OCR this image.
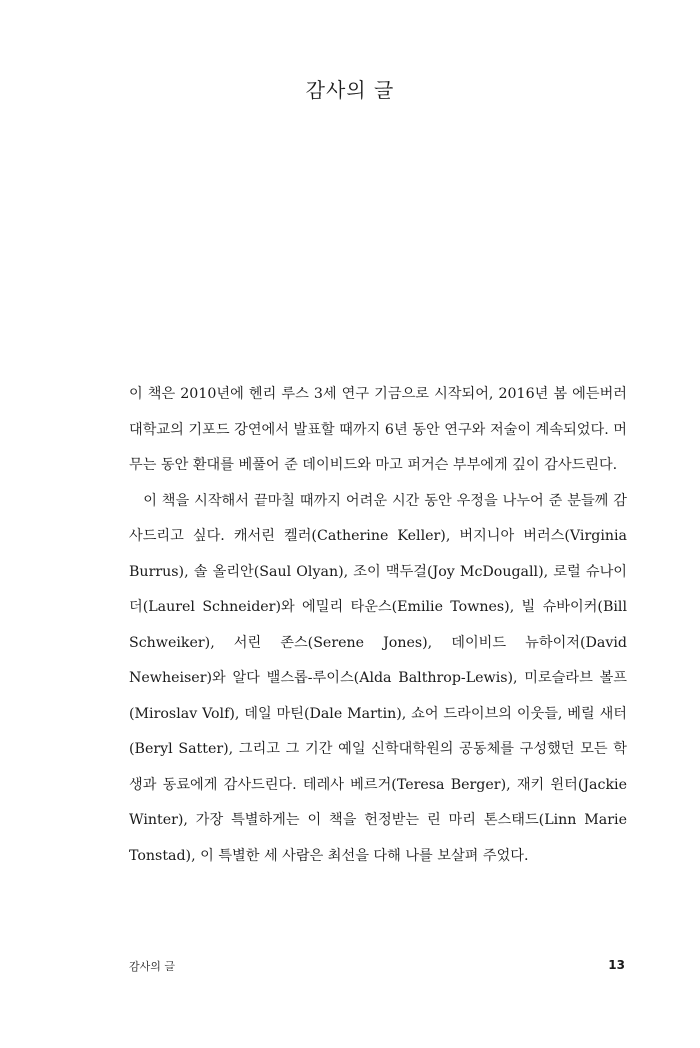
감사의 글

이 책은 2010년에 헨리 루스 3세 연구 기금으로 시작되어, 2016년 봄 에든버러 대학교의 기포드 강연에서 발표할 때까지 6년 동안 연구와 저술이 계속되었다. 머무는 동안 환대를 베풀어 준 데이비드와 마고 퍼거슨 부부에게 깊이 감사드린다.

이 책을 시작해서 끝마칠 때까지 어려운 시간 동안 우정을 나누어 준 분들께 감사드리고 싶다. 캐서린 켈러(Catherine Keller), 버지니아 버러스(Virginia Burrus), 솔 올리안(Saul Olyan), 조이 맥두걸(Joy McDougall), 로럴 슈나이더(Laurel Schneider)와 에밀리 타운스(Emilie Townes), 빌 슈바이커(Bill Schweiker), 서린 존스(Serene Jones), 데이비드 뉴하이저(David Newheiser)와 알다 밸스롭-루이스(Alda Balthrop-Lewis), 미로슬라브 볼프(Miroslav Volf), 데일 마틴(Dale Martin), 쇼어 드라이브의 이웃들, 베릴 새터(Beryl Satter), 그리고 그 기간 예일 신학대학원의 공동체를 구성했던 모든 학생과 동료에게 감사드린다. 테레사 베르거(Teresa Berger), 재키 윈터(Jackie Winter), 가장 특별하게는 이 책을 헌정받는 린 마리 톤스태드(Linn Marie Tonstad), 이 특별한 세 사람은 최선을 다해 나를 보살펴 주었다.

감사의 글	13
